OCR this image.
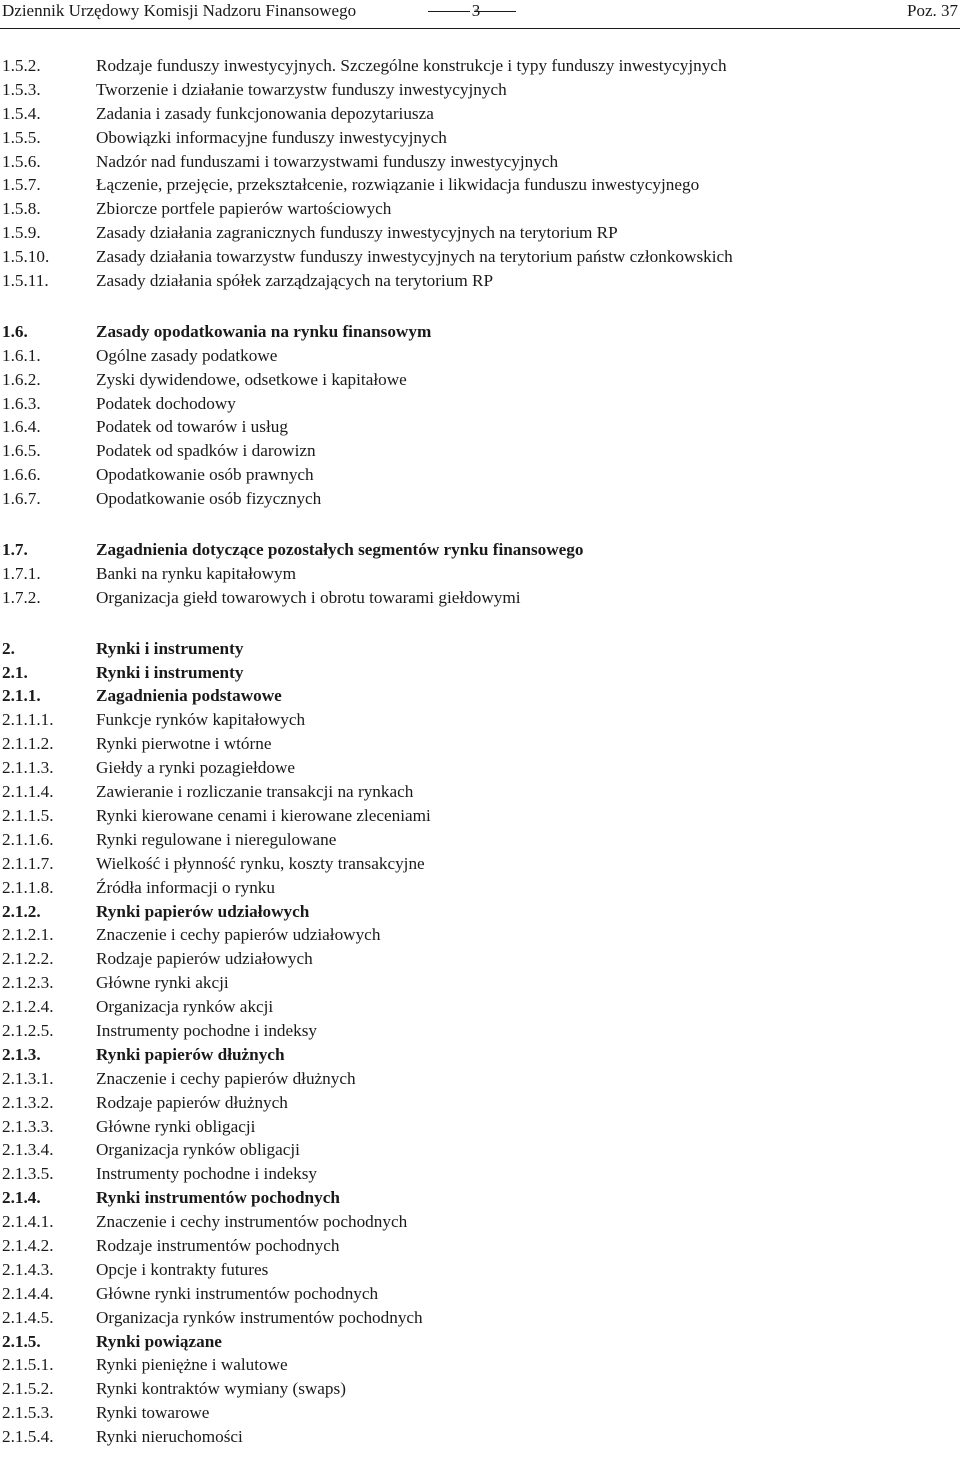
Dziennik Urzędowy Komisji Nadzoru Finansowego	3	Poz. 37
1.5.2.	Rodzaje funduszy inwestycyjnych. Szczególne konstrukcje i typy funduszy inwestycyjnych
1.5.3.	Tworzenie i działanie towarzystw funduszy inwestycyjnych
1.5.4.	Zadania i zasady funkcjonowania depozytariusza
1.5.5.	Obowiązki informacyjne funduszy inwestycyjnych
1.5.6.	Nadzór nad funduszami i towarzystwami funduszy inwestycyjnych
1.5.7.	Łączenie, przejęcie, przekształcenie, rozwiązanie i likwidacja funduszu inwestycyjnego
1.5.8.	Zbiorcze portfele papierów wartościowych
1.5.9.	Zasady działania zagranicznych funduszy inwestycyjnych na terytorium RP
1.5.10.	Zasady działania towarzystw funduszy inwestycyjnych na terytorium państw członkowskich
1.5.11.	Zasady działania spółek zarządzających na terytorium RP
1.6.	Zasady opodatkowania na rynku finansowym
1.6.1.	Ogólne zasady podatkowe
1.6.2.	Zyski dywidendowe, odsetkowe i kapitałowe
1.6.3.	Podatek dochodowy
1.6.4.	Podatek od towarów i usług
1.6.5.	Podatek od spadków i darowizn
1.6.6.	Opodatkowanie osób prawnych
1.6.7.	Opodatkowanie osób fizycznych
1.7.	Zagadnienia dotyczące pozostałych segmentów rynku finansowego
1.7.1.	Banki na rynku kapitałowym
1.7.2.	Organizacja giełd towarowych i obrotu towarami giełdowymi
2.	Rynki i instrumenty
2.1.	Rynki i instrumenty
2.1.1.	Zagadnienia podstawowe
2.1.1.1. Funkcje rynków kapitałowych
2.1.1.2. Rynki pierwotne i wtórne
2.1.1.3. Giełdy a rynki pozagiełdowe
2.1.1.4. Zawieranie i rozliczanie transakcji na rynkach
2.1.1.5. Rynki kierowane cenami i kierowane zleceniami
2.1.1.6. Rynki regulowane i nieregulowane
2.1.1.7. Wielkość i płynność rynku, koszty transakcyjne
2.1.1.8. Źródła informacji o rynku
2.1.2.	Rynki papierów udziałowych
2.1.2.1. Znaczenie i cechy papierów udziałowych
2.1.2.2. Rodzaje papierów udziałowych
2.1.2.3. Główne rynki akcji
2.1.2.4. Organizacja rynków akcji
2.1.2.5. Instrumenty pochodne i indeksy
2.1.3.	Rynki papierów dłużnych
2.1.3.1. Znaczenie i cechy papierów dłużnych
2.1.3.2. Rodzaje papierów dłużnych
2.1.3.3. Główne rynki obligacji
2.1.3.4. Organizacja rynków obligacji
2.1.3.5. Instrumenty pochodne i indeksy
2.1.4.	Rynki instrumentów pochodnych
2.1.4.1. Znaczenie i cechy instrumentów pochodnych
2.1.4.2. Rodzaje instrumentów pochodnych
2.1.4.3. Opcje i kontrakty futures
2.1.4.4. Główne rynki instrumentów pochodnych
2.1.4.5. Organizacja rynków instrumentów pochodnych
2.1.5.	Rynki powiązane
2.1.5.1. Rynki pieniężne i walutowe
2.1.5.2. Rynki kontraktów wymiany (swaps)
2.1.5.3. Rynki towarowe
2.1.5.4. Rynki nieruchomości
